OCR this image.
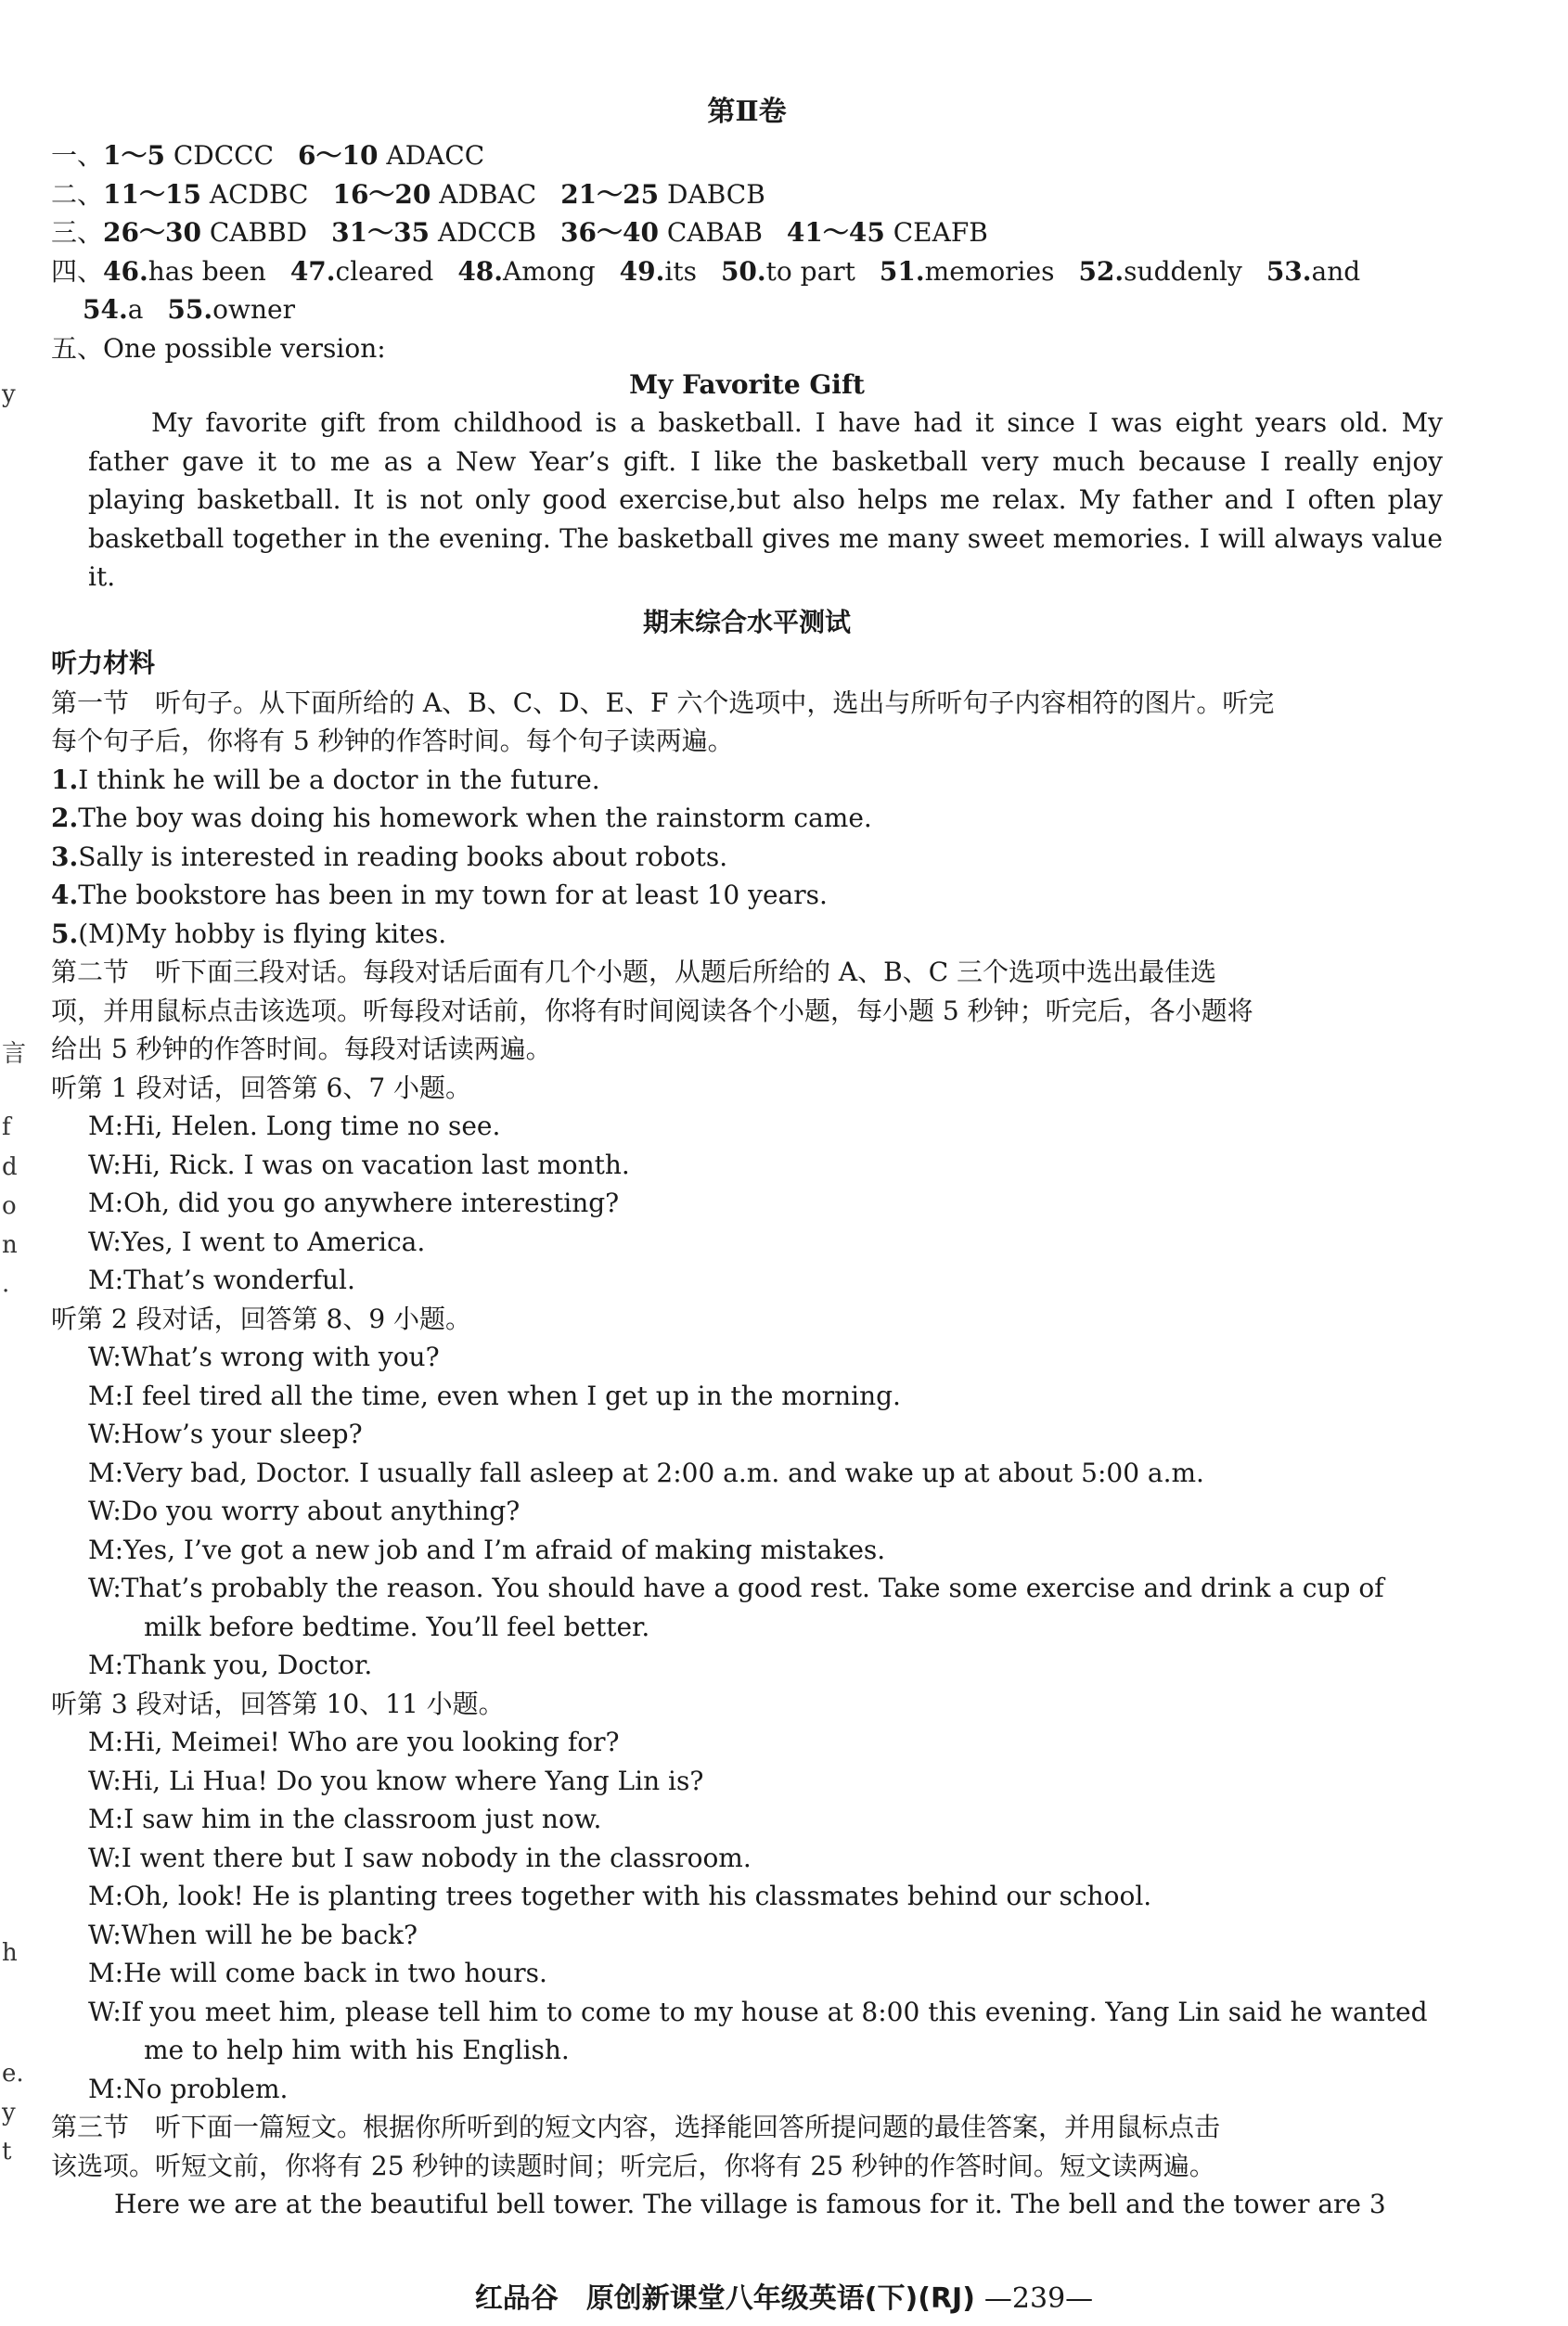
y
言
f
d
o
n
.
h
e.
y
t
第Ⅱ卷
一、1～5 CDCCC 6～10 ADACC
二、11～15 ACDBC 16～20 ADBAC 21～25 DABCB
三、26～30 CABBD 31～35 ADCCB 36～40 CABAB 41～45 CEAFB
四、46.has been 47.cleared 48.Among 49.its 50.to part 51.memories 52.suddenly 53.and
54.a 55.owner
五、One possible version:
My Favorite Gift

My favorite gift from childhood is a basketball. I have had it since I was eight years old. My father gave it to me as a New Year’s gift. I like the basketball very much because I really enjoy playing basketball. It is not only good exercise,but also helps me relax. My father and I often play basketball together in the evening. The basketball gives me many sweet memories. I will always value it.

期末综合水平测试
听力材料
第一节　听句子。从下面所给的 A、B、C、D、E、F 六个选项中，选出与所听句子内容相符的图片。听完
每个句子后，你将有 5 秒钟的作答时间。每个句子读两遍。
1.I think he will be a doctor in the future.
2.The boy was doing his homework when the rainstorm came.
3.Sally is interested in reading books about robots.
4.The bookstore has been in my town for at least 10 years.
5.(M)My hobby is flying kites.
第二节　听下面三段对话。每段对话后面有几个小题，从题后所给的 A、B、C 三个选项中选出最佳选
项，并用鼠标点击该选项。听每段对话前，你将有时间阅读各个小题，每小题 5 秒钟；听完后，各小题将
给出 5 秒钟的作答时间。每段对话读两遍。
听第 1 段对话，回答第 6、7 小题。
M:Hi, Helen. Long time no see.
W:Hi, Rick. I was on vacation last month.
M:Oh, did you go anywhere interesting?
W:Yes, I went to America.
M:That’s wonderful.
听第 2 段对话，回答第 8、9 小题。
W:What’s wrong with you?
M:I feel tired all the time, even when I get up in the morning.
W:How’s your sleep?
M:Very bad, Doctor. I usually fall asleep at 2:00 a.m. and wake up at about 5:00 a.m.
W:Do you worry about anything?
M:Yes, I’ve got a new job and I’m afraid of making mistakes.
W:That’s probably the reason. You should have a good rest. Take some exercise and drink a cup of
milk before bedtime. You’ll feel better.
M:Thank you, Doctor.
听第 3 段对话，回答第 10、11 小题。
M:Hi, Meimei! Who are you looking for?
W:Hi, Li Hua! Do you know where Yang Lin is?
M:I saw him in the classroom just now.
W:I went there but I saw nobody in the classroom.
M:Oh, look! He is planting trees together with his classmates behind our school.
W:When will he be back?
M:He will come back in two hours.
W:If you meet him, please tell him to come to my house at 8:00 this evening. Yang Lin said he wanted
me to help him with his English.
M:No problem.
第三节　听下面一篇短文。根据你所听到的短文内容，选择能回答所提问题的最佳答案，并用鼠标点击
该选项。听短文前，你将有 25 秒钟的读题时间；听完后，你将有 25 秒钟的作答时间。短文读两遍。
Here we are at the beautiful bell tower. The village is famous for it. The bell and the tower are 3
红品谷　 原创新课堂八年级英语(下)(RJ) —239—
